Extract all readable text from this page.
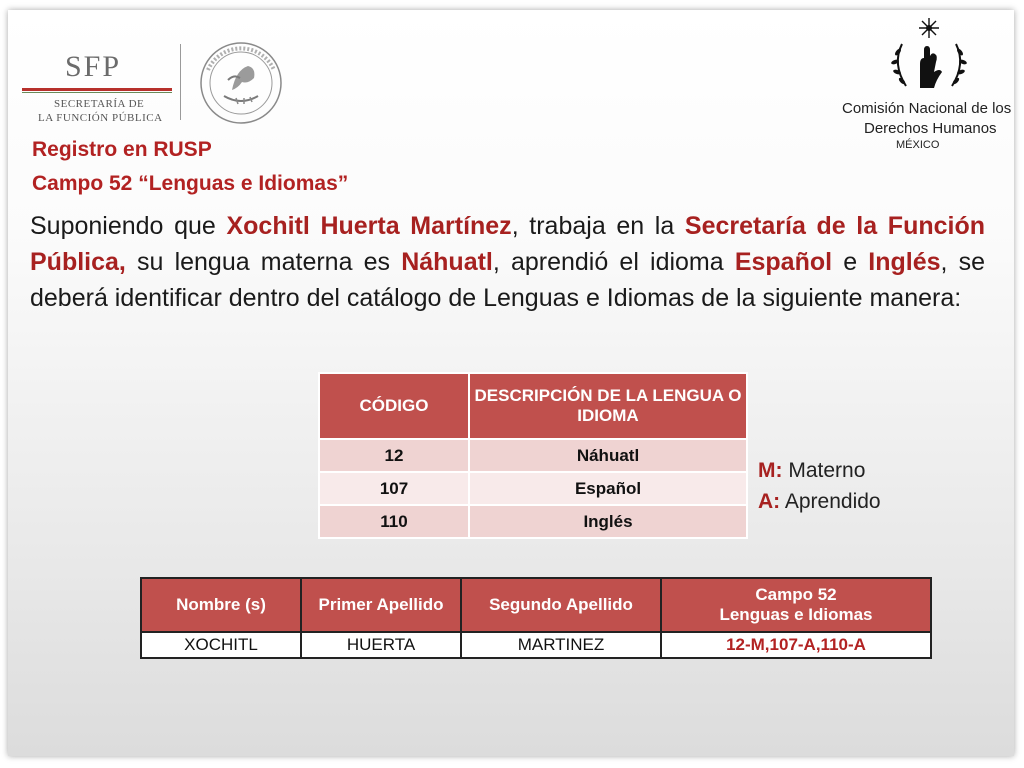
SFP
SECRETARÍA DE
LA FUNCIÓN PÚBLICA
Comisión Nacional de los
Derechos Humanos
MÉXICO
Registro en RUSP
Campo 52 “Lenguas e Idiomas”
Suponiendo que Xochitl Huerta Martínez, trabaja en la Secretaría de la Función Pública, su lengua materna es Náhuatl, aprendió el idioma Español e Inglés, se deberá identificar dentro del catálogo de Lenguas e Idiomas de la siguiente manera:
CÓDIGO	DESCRIPCIÓN DE LA LENGUA O IDIOMA
12	Náhuatl
107	Español
110	Inglés
M: Materno
A: Aprendido
Nombre (s)	Primer Apellido	Segundo Apellido	Campo 52
Lenguas e Idiomas
XOCHITL	HUERTA	MARTINEZ	12-M,107-A,110-A
